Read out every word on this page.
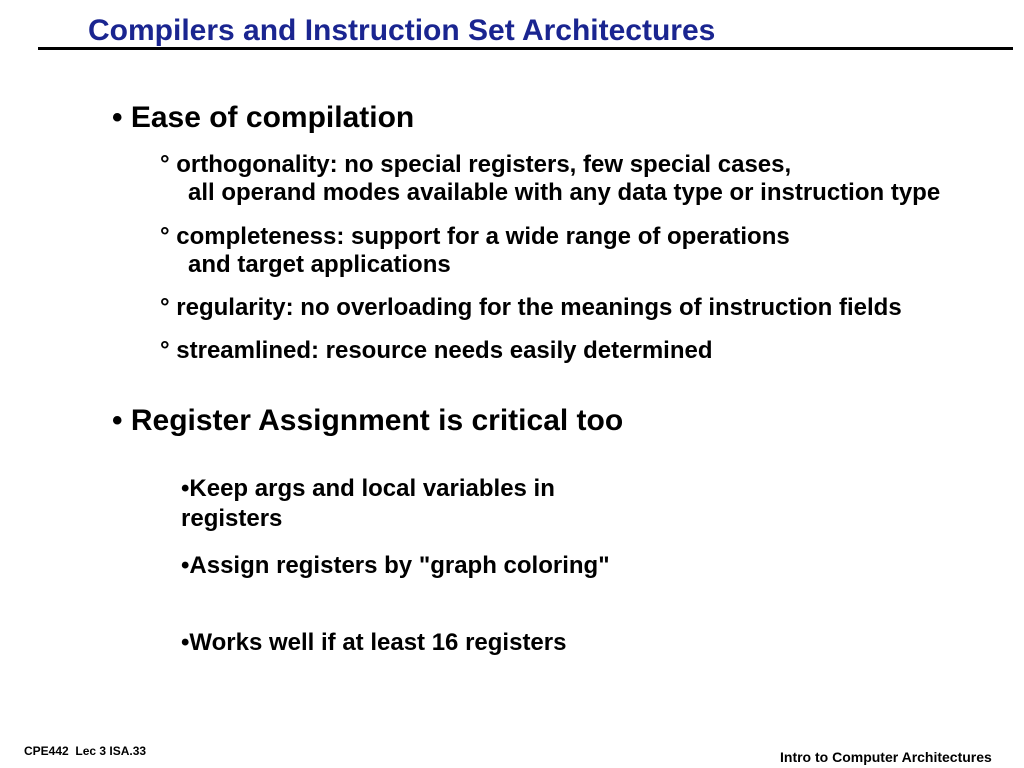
Compilers and Instruction Set Architectures
• Ease of compilation
° orthogonality: no special registers, few special cases,
all operand modes available with any data type or instruction type
° completeness: support for a wide range of operations
and target applications
° regularity: no overloading for the meanings of instruction fields
° streamlined: resource needs easily determined
• Register Assignment is critical too
•Keep args and local variables in registers
•Assign registers by "graph coloring"
•Works well if at least 16 registers
CPE442  Lec 3 ISA.33	Intro to Computer Architectures
